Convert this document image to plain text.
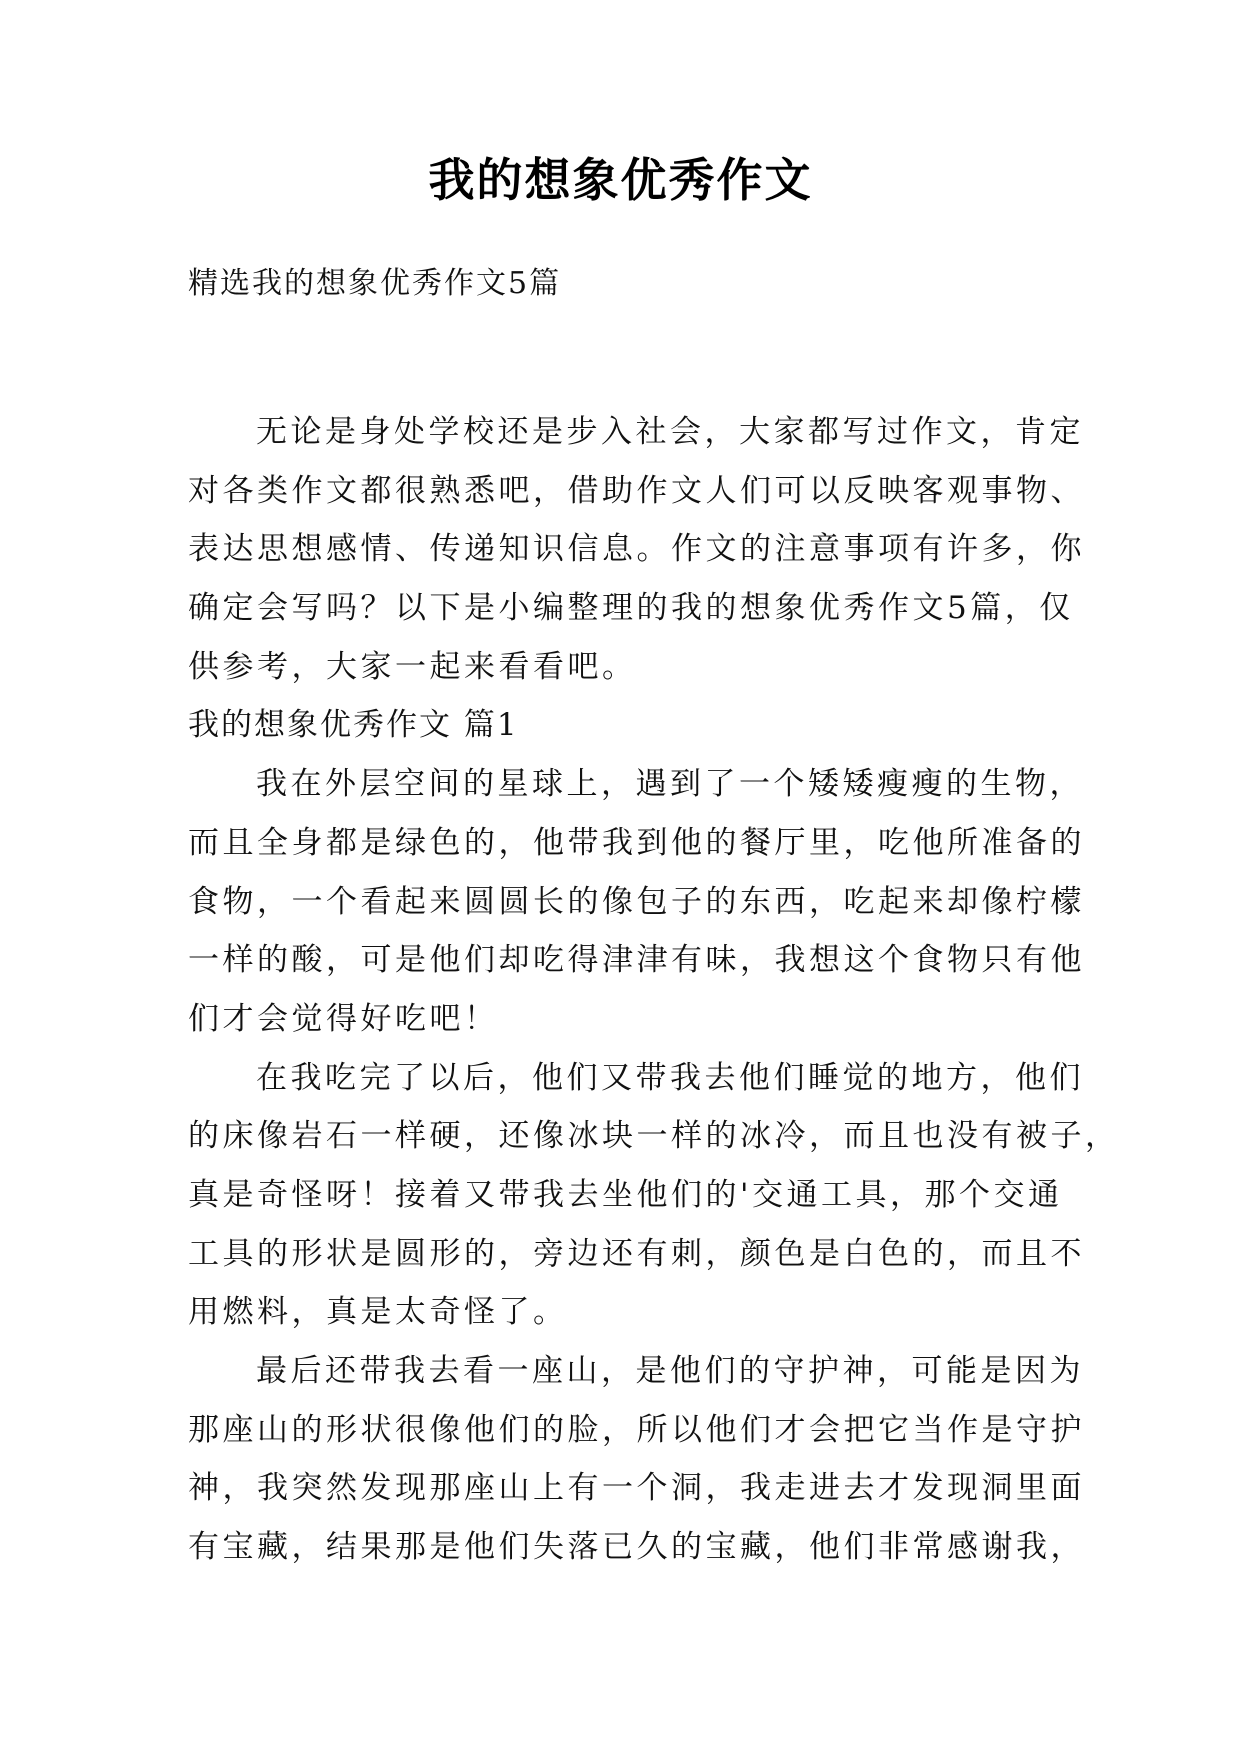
我的想象优秀作文
精选我的想象优秀作文5篇
无论是身处学校还是步入社会，大家都写过作文，肯定
对各类作文都很熟悉吧，借助作文人们可以反映客观事物、
表达思想感情、传递知识信息。作文的注意事项有许多，你
确定会写吗？以下是小编整理的我的想象优秀作文5篇，仅
供参考，大家一起来看看吧。
我的想象优秀作文 篇1
我在外层空间的星球上，遇到了一个矮矮瘦瘦的生物，
而且全身都是绿色的，他带我到他的餐厅里，吃他所准备的
食物，一个看起来圆圆长的像包子的东西，吃起来却像柠檬
一样的酸，可是他们却吃得津津有味，我想这个食物只有他
们才会觉得好吃吧！
在我吃完了以后，他们又带我去他们睡觉的地方，他们
的床像岩石一样硬，还像冰块一样的冰冷，而且也没有被子，
真是奇怪呀！接着又带我去坐他们的'交通工具，那个交通
工具的形状是圆形的，旁边还有刺，颜色是白色的，而且不
用燃料，真是太奇怪了。
最后还带我去看一座山，是他们的守护神，可能是因为
那座山的形状很像他们的脸，所以他们才会把它当作是守护
神，我突然发现那座山上有一个洞，我走进去才发现洞里面
有宝藏，结果那是他们失落已久的宝藏，他们非常感谢我，
